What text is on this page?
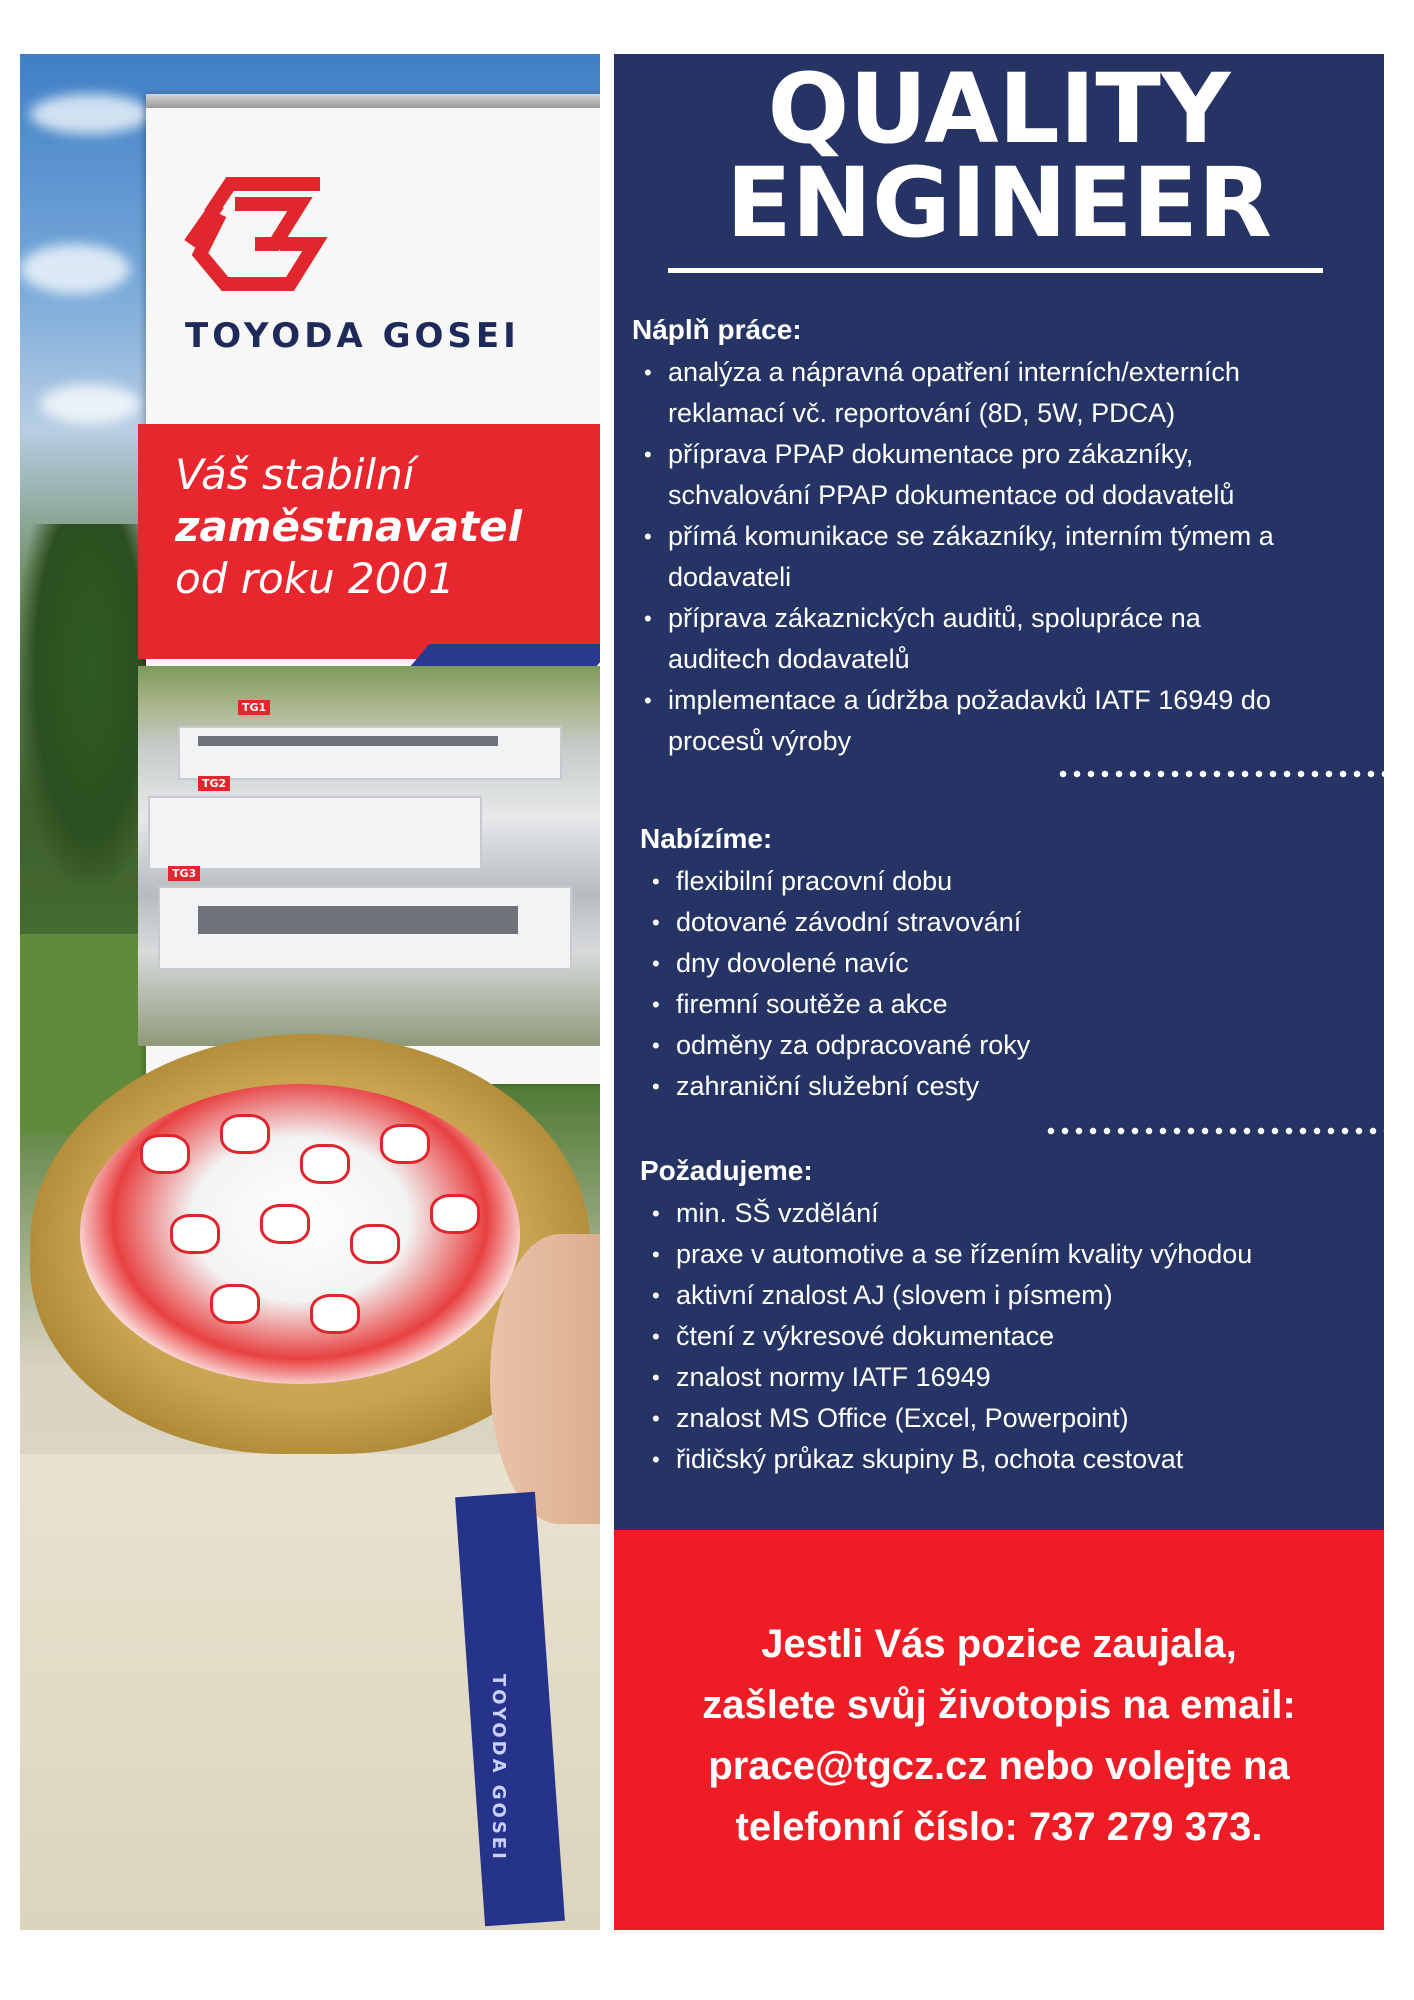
TOYODA GOSEI
Váš stabilní
zaměstnavatel
od roku 2001
TG1
TG2
TG3
TOYODA GOSEI
QUALITY
ENGINEER
Náplň práce:
• analýza a nápravná opatření interních/externích
reklamací vč. reportování (8D, 5W, PDCA)
• příprava PPAP dokumentace pro zákazníky,
schvalování PPAP dokumentace od dodavatelů
• přímá komunikace se zákazníky, interním týmem a
dodavateli
• příprava zákaznických auditů, spolupráce na
auditech dodavatelů
• implementace a údržba požadavků IATF 16949 do
procesů výroby
Nabízíme:
• flexibilní pracovní dobu
• dotované závodní stravování
• dny dovolené navíc
• firemní soutěže a akce
• odměny za odpracované roky
• zahraniční služební cesty
Požadujeme:
• min. SŠ vzdělání
• praxe v automotive a se řízením kvality výhodou
• aktivní znalost AJ (slovem i písmem)
• čtení z výkresové dokumentace
• znalost normy IATF 16949
• znalost MS Office (Excel, Powerpoint)
• řidičský průkaz skupiny B, ochota cestovat
Jestli Vás pozice zaujala,
zašlete svůj životopis na email:
prace@tgcz.cz nebo volejte na
telefonní číslo: 737 279 373.
